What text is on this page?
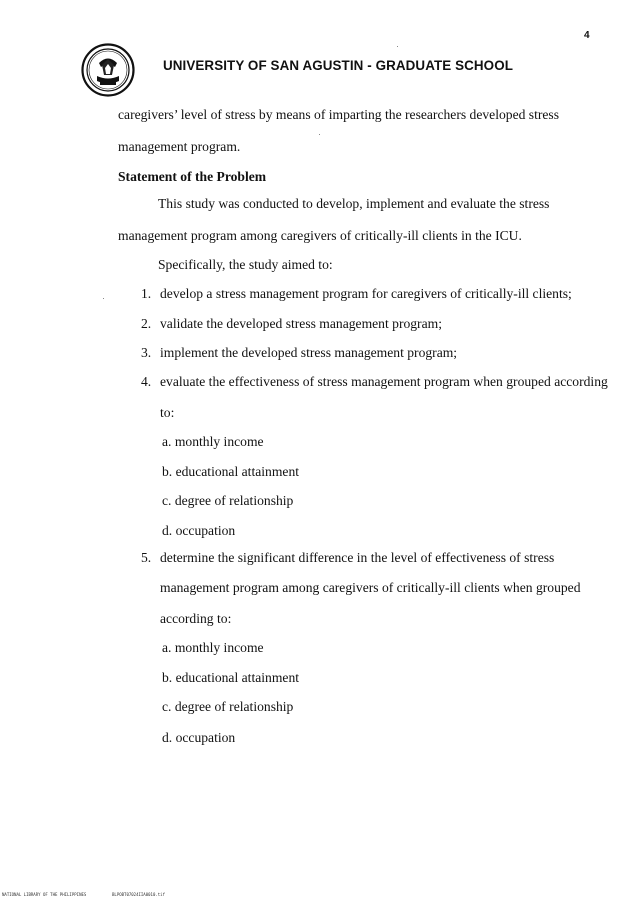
4
UNIVERSITY OF SAN AGUSTIN - GRADUATE SCHOOL
caregivers’ level of stress by means of imparting the researchers developed stress
management program.
Statement of the Problem
This study was conducted to develop, implement and evaluate the stress
management program among caregivers of critically-ill clients in the ICU.
Specifically, the study aimed to:
1. develop a stress management program for caregivers of critically-ill clients;
2. validate the developed stress management program;
3. implement the developed stress management program;
4. evaluate the effectiveness of stress management program when grouped according
to:
a. monthly income
b. educational attainment
c. degree of relationship
d. occupation
5. determine the significant difference in the level of effectiveness of stress
management program among caregivers of critically-ill clients when grouped
according to:
a. monthly income
b. educational attainment
c. degree of relationship
d. occupation
NATIONAL LIBRARY OF THE PHILIPPINES	BLPOBT07024IIA0010.tif
